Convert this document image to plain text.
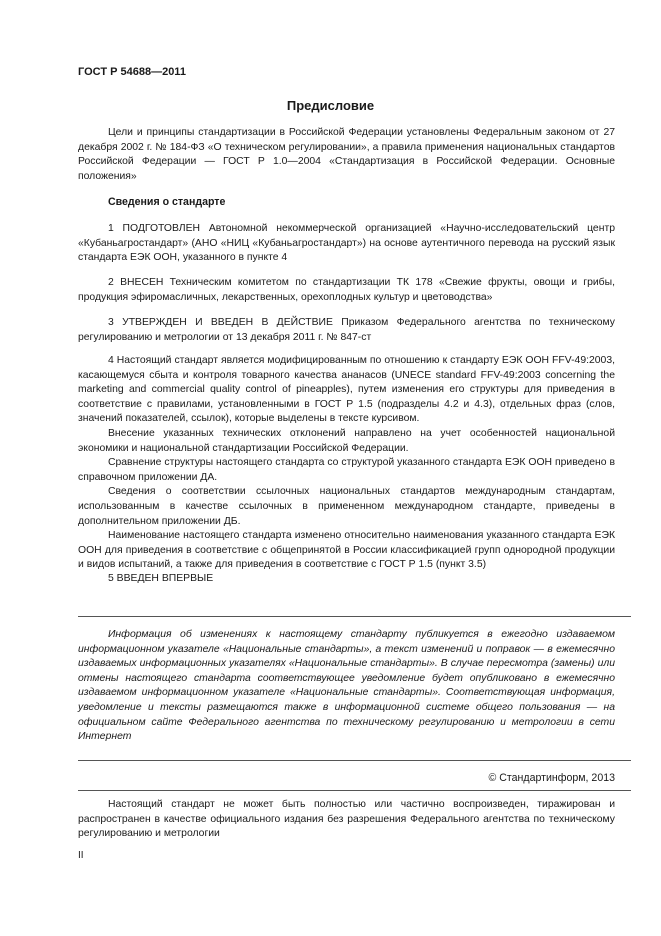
ГОСТ Р 54688—2011
Предисловие

Цели и принципы стандартизации в Российской Федерации установлены Федеральным законом от 27 декабря 2002 г. № 184-ФЗ «О техническом регулировании», а правила применения национальных стандартов Российской Федерации — ГОСТ Р 1.0—2004 «Стандартизация в Российской Федерации. Основные положения»

Сведения о стандарте

1 ПОДГОТОВЛЕН Автономной некоммерческой организацией «Научно-исследовательский центр «Кубаньагростандарт» (АНО «НИЦ «Кубаньагростандарт») на основе аутентичного перевода на русский язык стандарта ЕЭК ООН, указанного в пункте 4

2 ВНЕСЕН Техническим комитетом по стандартизации ТК 178 «Свежие фрукты, овощи и грибы, продукция эфиромасличных, лекарственных, орехоплодных культур и цветоводства»

3 УТВЕРЖДЕН И ВВЕДЕН В ДЕЙСТВИЕ Приказом Федерального агентства по техническому регулированию и метрологии от 13 декабря 2011 г. № 847-ст

4 Настоящий стандарт является модифицированным по отношению к стандарту ЕЭК ООН FFV-49:2003, касающемуся сбыта и контроля товарного качества ананасов (UNECE standard FFV-49:2003 concerning the marketing and commercial quality control of pineapples), путем изменения его структуры для приведения в соответствие с правилами, установленными в ГОСТ Р 1.5 (подразделы 4.2 и 4.3), отдельных фраз (слов, значений показателей, ссылок), которые выделены в тексте курсивом.

Внесение указанных технических отклонений направлено на учет особенностей национальной экономики и национальной стандартизации Российской Федерации.

Сравнение структуры настоящего стандарта со структурой указанного стандарта ЕЭК ООН приведено в справочном приложении ДА.

Сведения о соответствии ссылочных национальных стандартов международным стандартам, использованным в качестве ссылочных в примененном международном стандарте, приведены в дополнительном приложении ДБ.

Наименование настоящего стандарта изменено относительно наименования указанного стандарта ЕЭК ООН для приведения в соответствие с общепринятой в России классификацией групп однородной продукции и видов испытаний, а также для приведения в соответствие с ГОСТ Р 1.5 (пункт 3.5)

5 ВВЕДЕН ВПЕРВЫЕ

Информация об изменениях к настоящему стандарту публикуется в ежегодно издаваемом информационном указателе «Национальные стандарты», а текст изменений и поправок — в ежемесячно издаваемых информационных указателях «Национальные стандарты». В случае пересмотра (замены) или отмены настоящего стандарта соответствующее уведомление будет опубликовано в ежемесячно издаваемом информационном указателе «Национальные стандарты». Соответствующая информация, уведомление и тексты размещаются также в информационной системе общего пользования — на официальном сайте Федерального агентства по техническому регулированию и метрологии в сети Интернет

© Стандартинформ, 2013

Настоящий стандарт не может быть полностью или частично воспроизведен, тиражирован и распространен в качестве официального издания без разрешения Федерального агентства по техническому регулированию и метрологии

II
